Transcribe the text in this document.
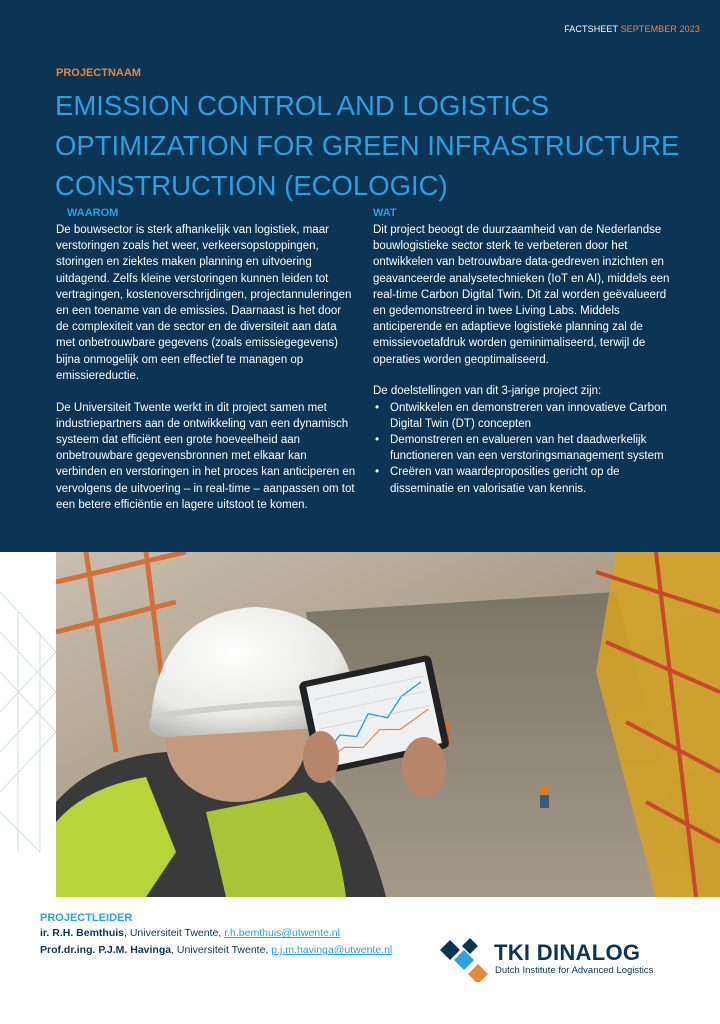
FACTSHEET SEPTEMBER 2023
PROJECTNAAM
EMISSION CONTROL AND LOGISTICS OPTIMIZATION FOR GREEN INFRASTRUCTURE CONSTRUCTION (ECOLOGIC)
WAAROM

De bouwsector is sterk afhankelijk van logistiek, maar verstoringen zoals het weer, verkeersopstoppingen, storingen en ziektes maken planning en uitvoering uitdagend. Zelfs kleine verstoringen kunnen leiden tot vertragingen, kostenoverschrijdingen, projectannuleringen en een toename van de emissies. Daarnaast is het door de complexiteit van de sector en de diversiteit aan data met onbetrouwbare gegevens (zoals emissiegegevens) bijna onmogelijk om een effectief te managen op emissiereductie.

De Universiteit Twente werkt in dit project samen met industriepartners aan de ontwikkeling van een dynamisch systeem dat efficiënt een grote hoeveelheid aan onbetrouwbare gegevensbronnen met elkaar kan verbinden en verstoringen in het proces kan anticiperen en vervolgens de uitvoering – in real-time – aanpassen om tot een betere efficiëntie en lagere uitstoot te komen.

WAT

Dit project beoogt de duurzaamheid van de Nederlandse bouwlogistieke sector sterk te verbeteren door het ontwikkelen van betrouwbare data-gedreven inzichten en geavanceerde analysetechnieken (IoT en AI), middels een real-time Carbon Digital Twin. Dit zal worden geëvalueerd en gedemonstreerd in twee Living Labs. Middels anticiperende en adaptieve logistieke planning zal de emissievoetafdruk worden geminimaliseerd, terwijl de operaties worden geoptimaliseerd.

De doelstellingen van dit 3-jarige project zijn:
• Ontwikkelen en demonstreren van innovatieve Carbon Digital Twin (DT) concepten
• Demonstreren en evalueren van het daadwerkelijk functioneren van een verstoringsmanagement system
• Creëren van waardeproposities gericht op de disseminatie en valorisatie van kennis.
PROJECTLEIDER
ir. R.H. Bemthuis, Universiteit Twente, r.h.bemthuis@utwente.nl
Prof.dr.ing. P.J.M. Havinga, Universiteit Twente, p.j.m.havinga@utwente.nl	TKI DINALOG
Dutch Institute for Advanced Logistics
